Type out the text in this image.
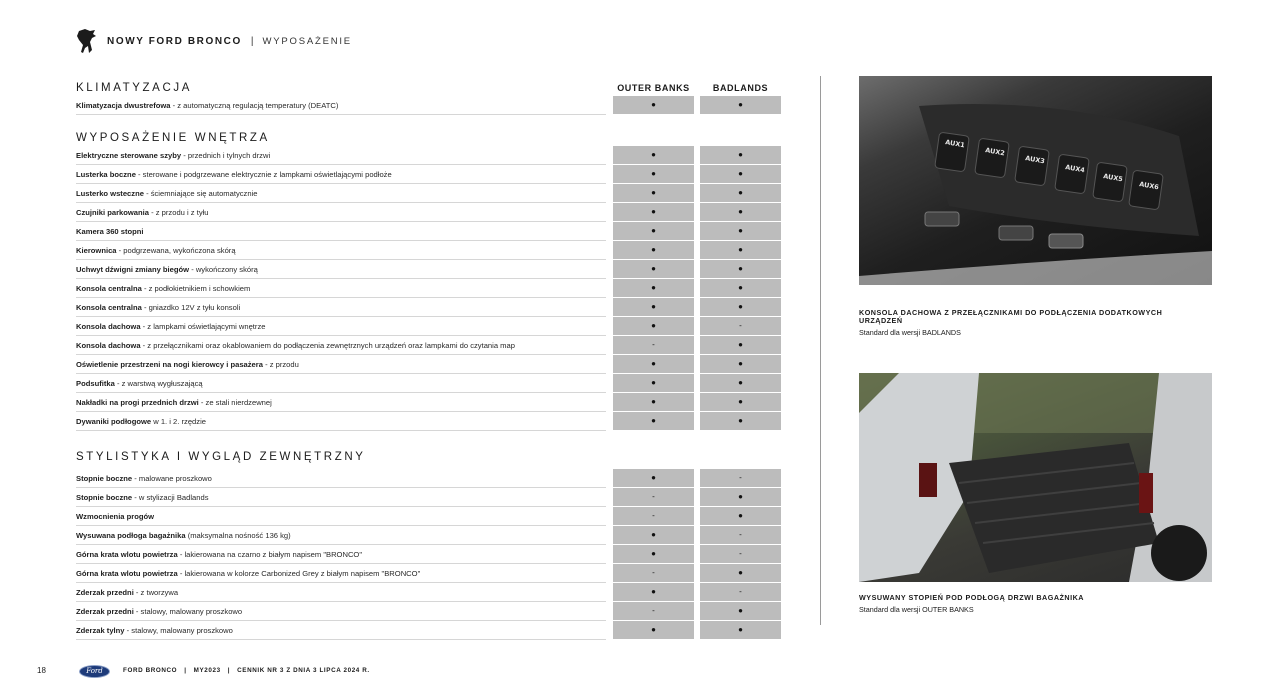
NOWY FORD BRONCO | WYPOSAŻENIE
KLIMATYZACJA	OUTER BANKS	BADLANDS
Klimatyzacja dwustrefowa - z automatyczną regulacją temperatury (DEATC)	●	●
WYPOSAŻENIE WNĘTRZA
Elektryczne sterowane szyby - przednich i tylnych drzwi	●	●
Lusterka boczne - sterowane i podgrzewane elektrycznie z lampkami oświetlającymi podłoże	●	●
Lusterko wsteczne - ściemniające się automatycznie	●	●
Czujniki parkowania - z przodu i z tyłu	●	●
Kamera 360 stopni	●	●
Kierownica - podgrzewana, wykończona skórą	●	●
Uchwyt dźwigni zmiany biegów - wykończony skórą	●	●
Konsola centralna - z podłokietnikiem i schowkiem	●	●
Konsola centralna - gniazdko 12V z tyłu konsoli	●	●
Konsola dachowa - z lampkami oświetlającymi wnętrze	●	-
Konsola dachowa - z przełącznikami oraz okablowaniem do podłączenia zewnętrznych urządzeń oraz lampkami do czytania map	-	●
Oświetlenie przestrzeni na nogi kierowcy i pasażera - z przodu	●	●
Podsufitka - z warstwą wygłuszającą	●	●
Nakładki na progi przednich drzwi - ze stali nierdzewnej	●	●
Dywaniki podłogowe w 1. i 2. rzędzie	●	●
STYLISTYKA I WYGLĄD ZEWNĘTRZNY
Stopnie boczne - malowane proszkowo	●	-
Stopnie boczne - w stylizacji Badlands	-	●
Wzmocnienia progów	-	●
Wysuwana podłoga bagażnika (maksymalna nośność 136 kg)	●	-
Górna krata wlotu powietrza - lakierowana na czarno z białym napisem "BRONCO"	●	-
Górna krata wlotu powietrza - lakierowana w kolorze Carbonized Grey z białym napisem "BRONCO"	-	●
Zderzak przedni - z tworzywa	●	-
Zderzak przedni - stalowy, malowany proszkowo	-	●
Zderzak tylny - stalowy, malowany proszkowo	●	●
AUX1
AUX2
AUX3
AUX4
AUX5
AUX6
KONSOLA DACHOWA Z PRZEŁĄCZNIKAMI DO PODŁĄCZENIA DODATKOWYCH URZĄDZEŃ
Standard dla wersji BADLANDS
WYSUWANY STOPIEŃ POD PODŁOGĄ DRZWI BAGAŻNIKA
Standard dla wersji OUTER BANKS
18	Ford	FORD BRONCO   |   MY2023   |   CENNIK NR 3 Z DNIA 3 LIPCA 2024 R.
